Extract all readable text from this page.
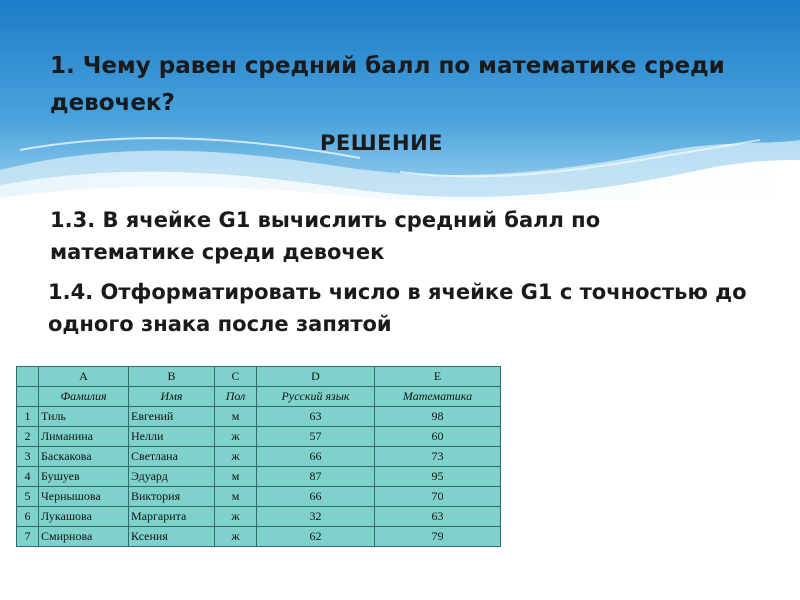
1. Чему равен средний балл по математике среди девочек?
РЕШЕНИЕ
1.3. В ячейке G1 вычислить средний балл по математике среди девочек
1.4. Отформатировать число в ячейке G1 с точностью до одного знака после запятой
	A	B	C	D	E
	Фамилия	Имя	Пол	Русский язык	Математика
1	Тиль	Евгений	м	63	98
2	Лиманина	Нелли	ж	57	60
3	Баскакова	Светлана	ж	66	73
4	Бушуев	Эдуард	м	87	95
5	Чернышова	Виктория	м	66	70
6	Лукашова	Маргарита	ж	32	63
7	Смирнова	Ксения	ж	62	79
